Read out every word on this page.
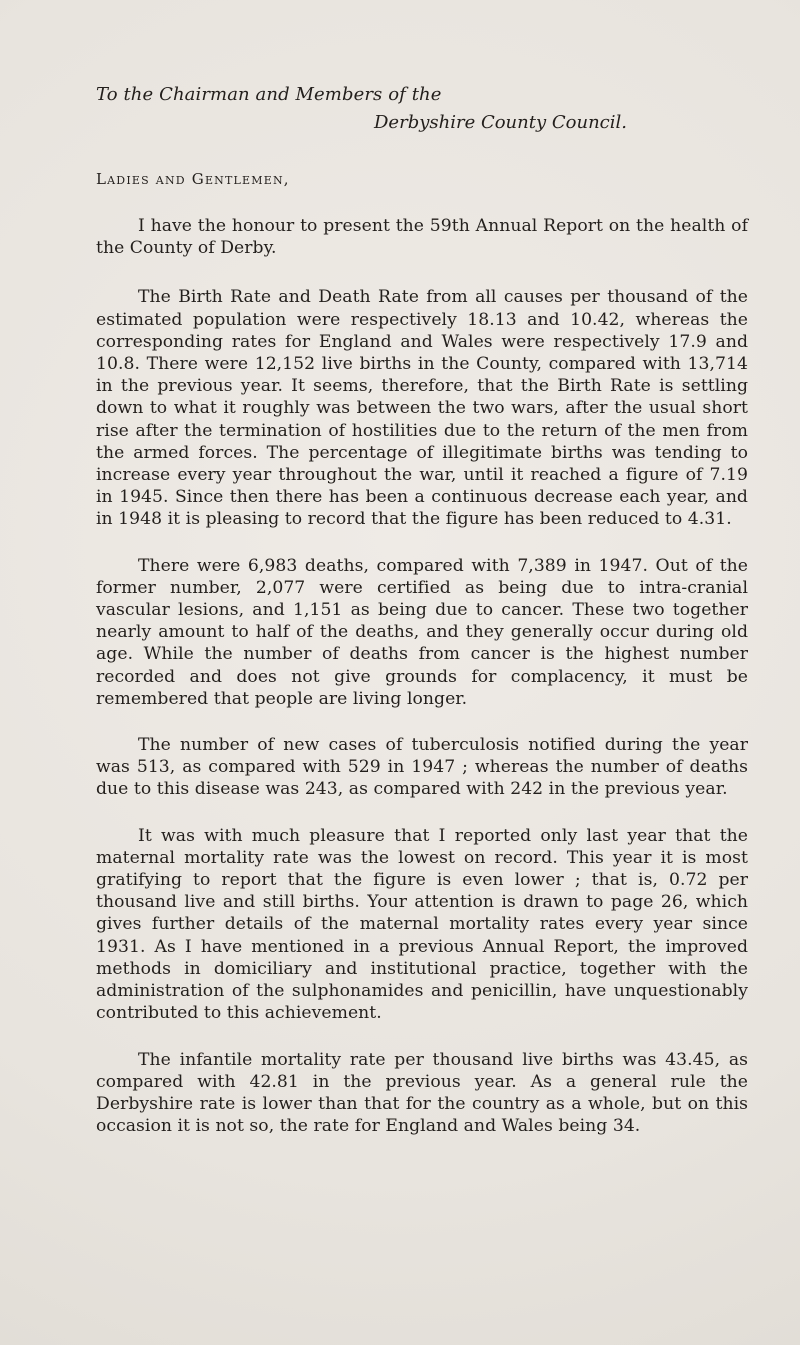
To the Chairman and Members of the
Derbyshire County Council.
Ladies and Gentlemen,

I have the honour to present the 59th Annual Report on the health of the County of Derby.

The Birth Rate and Death Rate from all causes per thousand of the estimated population were respectively 18.13 and 10.42, whereas the corresponding rates for England and Wales were respectively 17.9 and 10.8. There were 12,152 live births in the County, compared with 13,714 in the previous year. It seems, therefore, that the Birth Rate is settling down to what it roughly was between the two wars, after the usual short rise after the termination of hostilities due to the return of the men from the armed forces. The percentage of illegitimate births was tending to increase every year throughout the war, until it reached a figure of 7.19 in 1945. Since then there has been a continuous decrease each year, and in 1948 it is pleasing to record that the figure has been reduced to 4.31.

There were 6,983 deaths, compared with 7,389 in 1947. Out of the former number, 2,077 were certified as being due to intra-cranial vascular lesions, and 1,151 as being due to cancer. These two together nearly amount to half of the deaths, and they generally occur during old age. While the number of deaths from cancer is the highest number recorded and does not give grounds for complacency, it must be remembered that people are living longer.

The number of new cases of tuberculosis notified during the year was 513, as compared with 529 in 1947 ; whereas the number of deaths due to this disease was 243, as compared with 242 in the previous year.

It was with much pleasure that I reported only last year that the maternal mortality rate was the lowest on record. This year it is most gratifying to report that the figure is even lower ; that is, 0.72 per thousand live and still births. Your attention is drawn to page 26, which gives further details of the maternal mortality rates every year since 1931. As I have mentioned in a previous Annual Report, the improved methods in domiciliary and institutional practice, together with the administration of the sulphonamides and penicillin, have unquestionably contributed to this achievement.

The infantile mortality rate per thousand live births was 43.45, as compared with 42.81 in the previous year. As a general rule the Derbyshire rate is lower than that for the country as a whole, but on this occasion it is not so, the rate for England and Wales being 34.
